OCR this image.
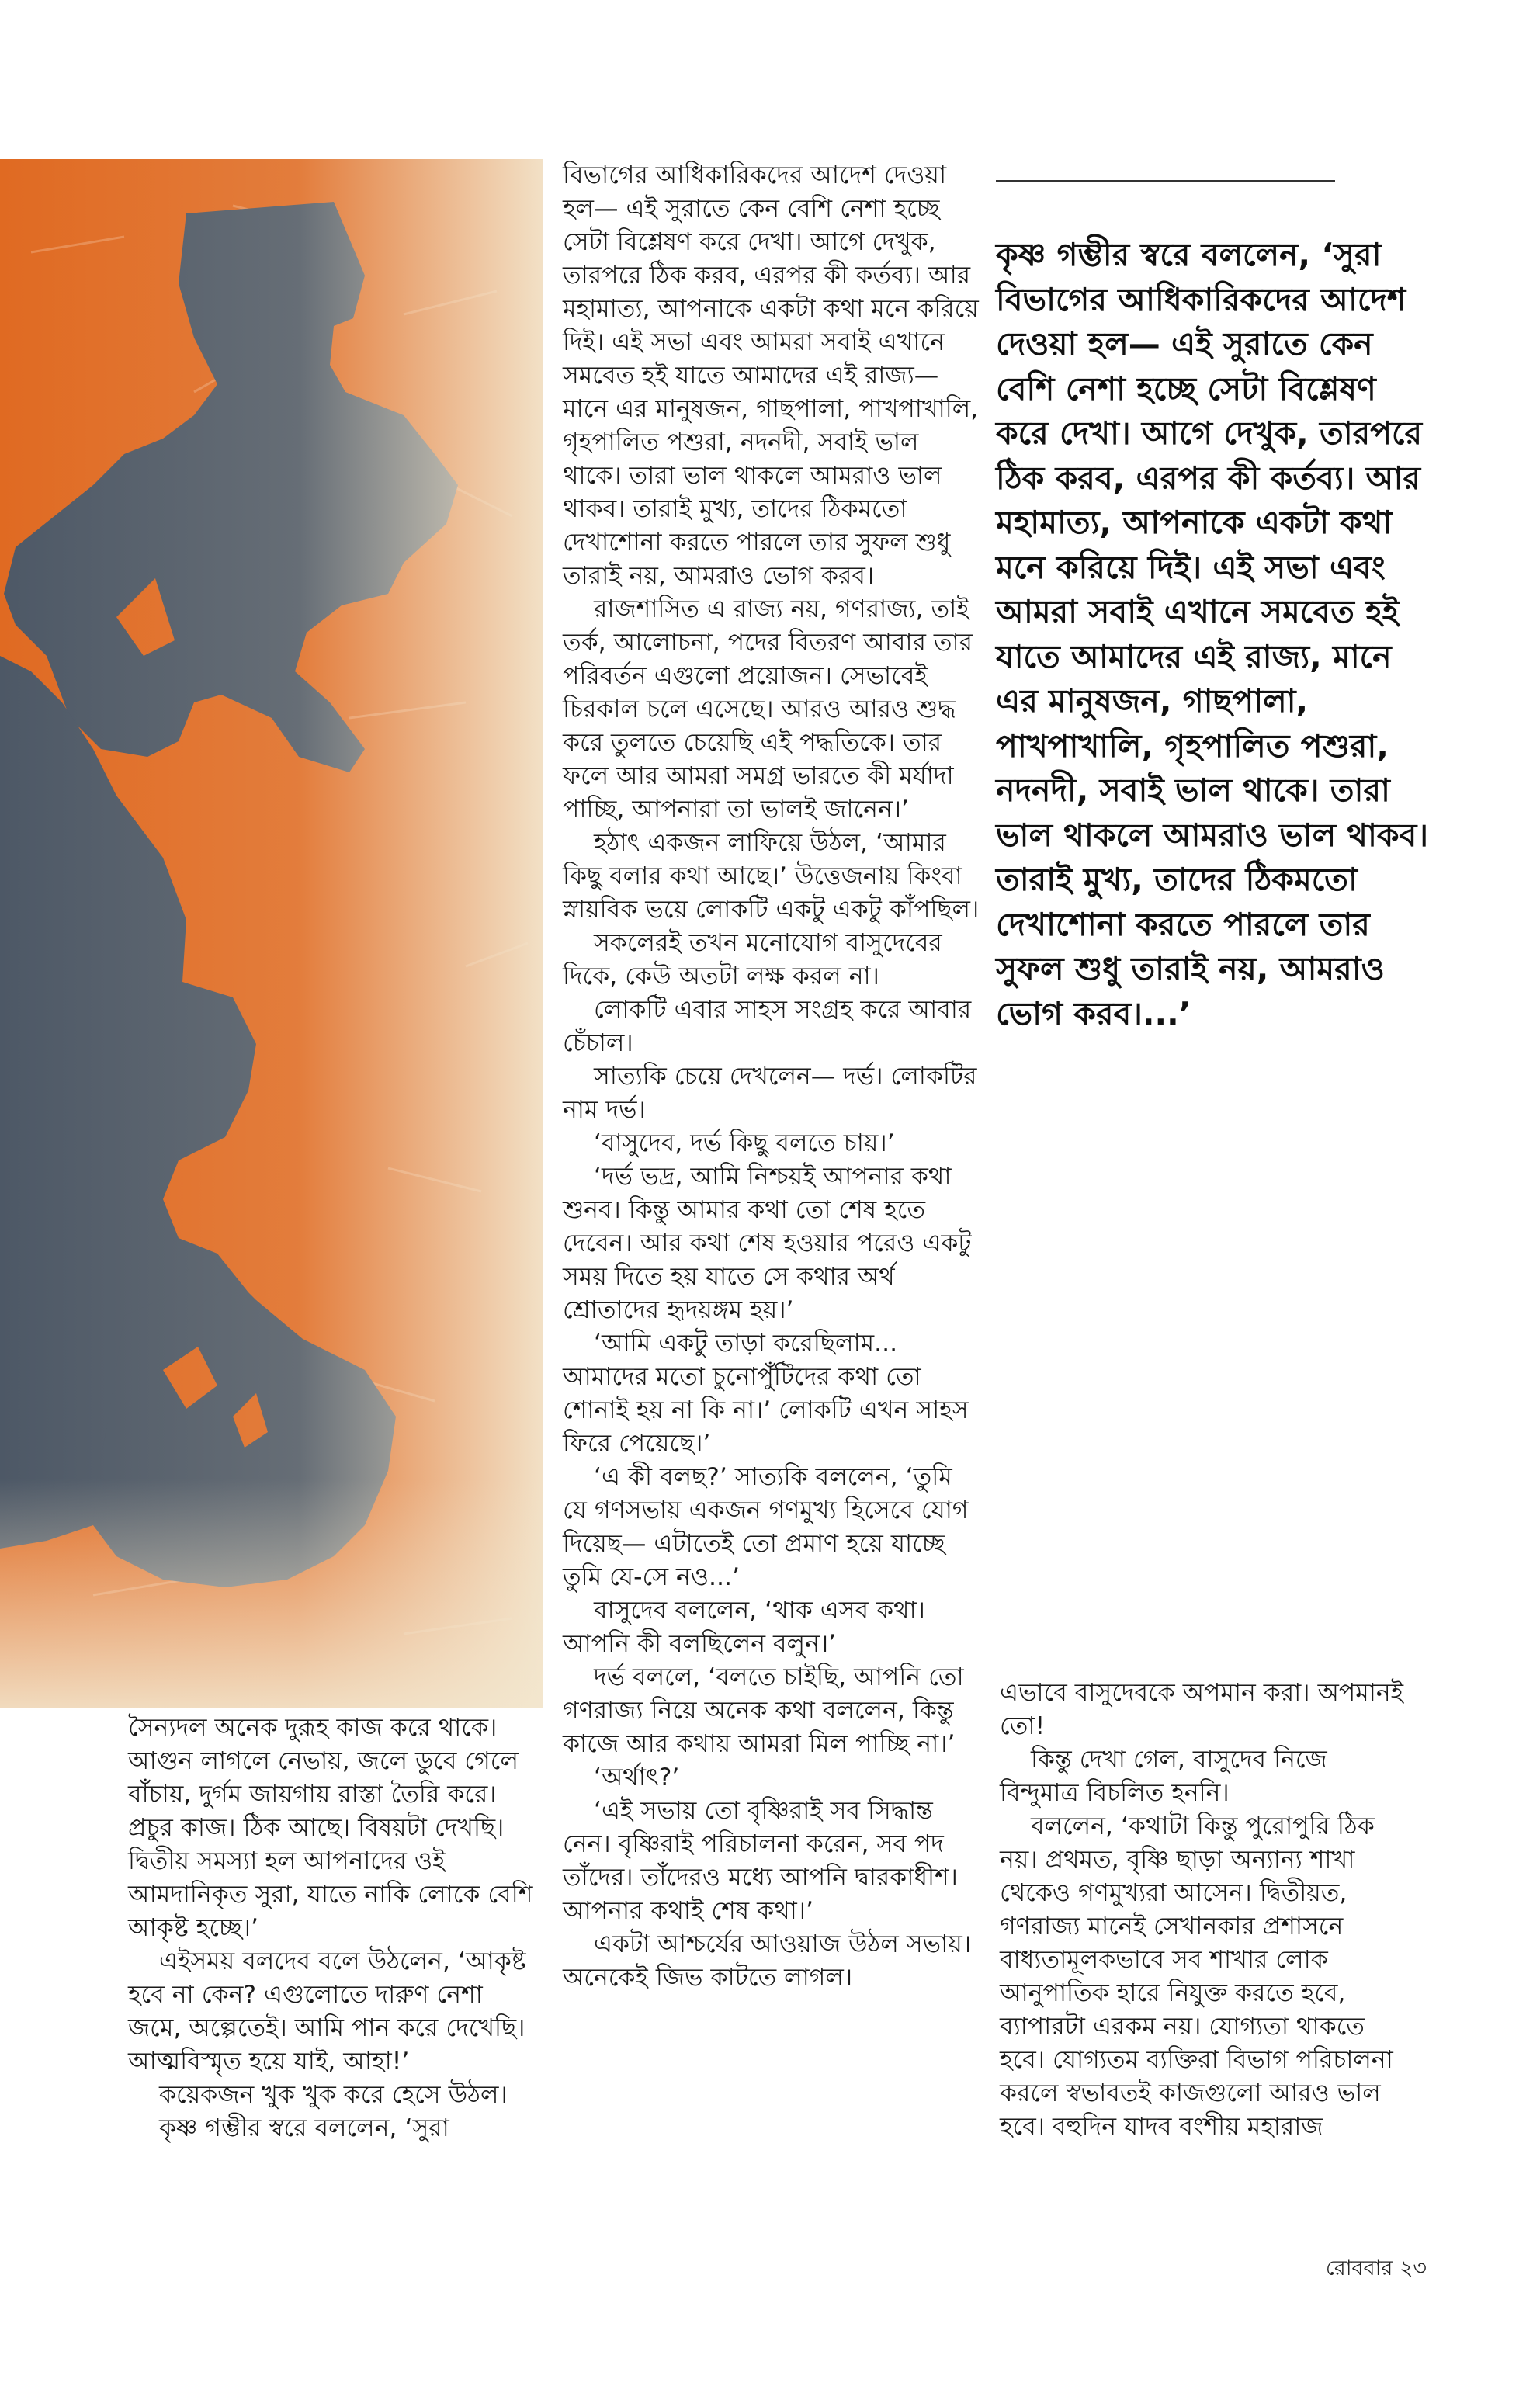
বিভাগের আধিকারিকদের আদেশ দেওয়া হল— এই সুরাতে কেন বেশি নেশা হচ্ছে সেটা বিশ্লেষণ করে দেখা। আগে দেখুক, তারপরে ঠিক করব, এরপর কী কর্তব্য। আর মহামাত্য, আপনাকে একটা কথা মনে করিয়ে দিই। এই সভা এবং আমরা সবাই এখানে সমবেত হই যাতে আমাদের এই রাজ্য— মানে এর মানুষজন, গাছপালা, পাখপাখালি, গৃহপালিত পশুরা, নদনদী, সবাই ভাল থাকে। তারা ভাল থাকলে আমরাও ভাল থাকব। তারাই মুখ্য, তাদের ঠিকমতো দেখাশোনা করতে পারলে তার সুফল শুধু তারাই নয়, আমরাও ভোগ করব।

রাজশাসিত এ রাজ্য নয়, গণরাজ্য, তাই তর্ক, আলোচনা, পদের বিতরণ আবার তার পরিবর্তন এগুলো প্রয়োজন। সেভাবেই চিরকাল চলে এসেছে। আরও আরও শুদ্ধ করে তুলতে চেয়েছি এই পদ্ধতিকে। তার ফলে আর আমরা সমগ্র ভারতে কী মর্যাদা পাচ্ছি, আপনারা তা ভালই জানেন।’

হঠাৎ একজন লাফিয়ে উঠল, ‘আমার কিছু বলার কথা আছে।’ উত্তেজনায় কিংবা স্নায়বিক ভয়ে লোকটি একটু একটু কাঁপছিল।

সকলেরই তখন মনোযোগ বাসুদেবের দিকে, কেউ অতটা লক্ষ করল না।

লোকটি এবার সাহস সংগ্রহ করে আবার চেঁচাল।

সাত্যকি চেয়ে দেখলেন— দর্ভ। লোকটির নাম দর্ভ।

‘বাসুদেব, দর্ভ কিছু বলতে চায়।’

‘দর্ভ ভদ্র, আমি নিশ্চয়ই আপনার কথা শুনব। কিন্তু আমার কথা তো শেষ হতে দেবেন। আর কথা শেষ হওয়ার পরেও একটু সময় দিতে হয় যাতে সে কথার অর্থ শ্রোতাদের হৃদয়ঙ্গম হয়।’

‘আমি একটু তাড়া করেছিলাম... আমাদের মতো চুনোপুঁটিদের কথা তো শোনাই হয় না কি না।’ লোকটি এখন সাহস ফিরে পেয়েছে।’

‘এ কী বলছ?’ সাত্যকি বললেন, ‘তুমি যে গণসভায় একজন গণমুখ্য হিসেবে যোগ দিয়েছ— এটাতেই তো প্রমাণ হয়ে যাচ্ছে তুমি যে-সে নও...’

বাসুদেব বললেন, ‘থাক এসব কথা। আপনি কী বলছিলেন বলুন।’

দর্ভ বললে, ‘বলতে চাইছি, আপনি তো গণরাজ্য নিয়ে অনেক কথা বললেন, কিন্তু কাজে আর কথায় আমরা মিল পাচ্ছি না।’

‘অর্থাৎ?’

‘এই সভায় তো বৃষ্ণিরাই সব সিদ্ধান্ত নেন। বৃষ্ণিরাই পরিচালনা করেন, সব পদ তাঁদের। তাঁদেরও মধ্যে আপনি দ্বারকাধীশ। আপনার কথাই শেষ কথা।’

একটা আশ্চর্যের আওয়াজ উঠল সভায়। অনেকেই জিভ কাটতে লাগল।

কৃষ্ণ গম্ভীর স্বরে বললেন, ‘সুরা বিভাগের আধিকারিকদের আদেশ দেওয়া হল— এই সুরাতে কেন বেশি নেশা হচ্ছে সেটা বিশ্লেষণ করে দেখা। আগে দেখুক, তারপরে ঠিক করব, এরপর কী কর্তব্য। আর মহামাত্য, আপনাকে একটা কথা মনে করিয়ে দিই। এই সভা এবং আমরা সবাই এখানে সমবেত হই যাতে আমাদের এই রাজ্য, মানে এর মানুষজন, গাছপালা, পাখপাখালি, গৃহপালিত পশুরা, নদনদী, সবাই ভাল থাকে। তারা ভাল থাকলে আমরাও ভাল থাকব। তারাই মুখ্য, তাদের ঠিকমতো দেখাশোনা করতে পারলে তার সুফল শুধু তারাই নয়, আমরাও ভোগ করব।...’

সৈন্যদল অনেক দুরূহ কাজ করে থাকে। আগুন লাগলে নেভায়, জলে ডুবে গেলে বাঁচায়, দুর্গম জায়গায় রাস্তা তৈরি করে। প্রচুর কাজ। ঠিক আছে। বিষয়টা দেখছি। দ্বিতীয় সমস্যা হল আপনাদের ওই আমদানিকৃত সুরা, যাতে নাকি লোকে বেশি আকৃষ্ট হচ্ছে।’

এইসময় বলদেব বলে উঠলেন, ‘আকৃষ্ট হবে না কেন? এগুলোতে দারুণ নেশা জমে, অল্পেতেই। আমি পান করে দেখেছি। আত্মবিস্মৃত হয়ে যাই, আহা!’

কয়েকজন খুক খুক করে হেসে উঠল।

কৃষ্ণ গম্ভীর স্বরে বললেন, ‘সুরা

এভাবে বাসুদেবকে অপমান করা। অপমানই তো!

কিন্তু দেখা গেল, বাসুদেব নিজে বিন্দুমাত্র বিচলিত হননি।

বললেন, ‘কথাটা কিন্তু পুরোপুরি ঠিক নয়। প্রথমত, বৃষ্ণি ছাড়া অন্যান্য শাখা থেকেও গণমুখ্যরা আসেন। দ্বিতীয়ত, গণরাজ্য মানেই সেখানকার প্রশাসনে বাধ্যতামূলকভাবে সব শাখার লোক আনুপাতিক হারে নিযুক্ত করতে হবে, ব্যাপারটা এরকম নয়। যোগ্যতা থাকতে হবে। যোগ্যতম ব্যক্তিরা বিভাগ পরিচালনা করলে স্বভাবতই কাজগুলো আরও ভাল হবে। বহুদিন যাদব বংশীয় মহারাজ

রোববার ২৩
